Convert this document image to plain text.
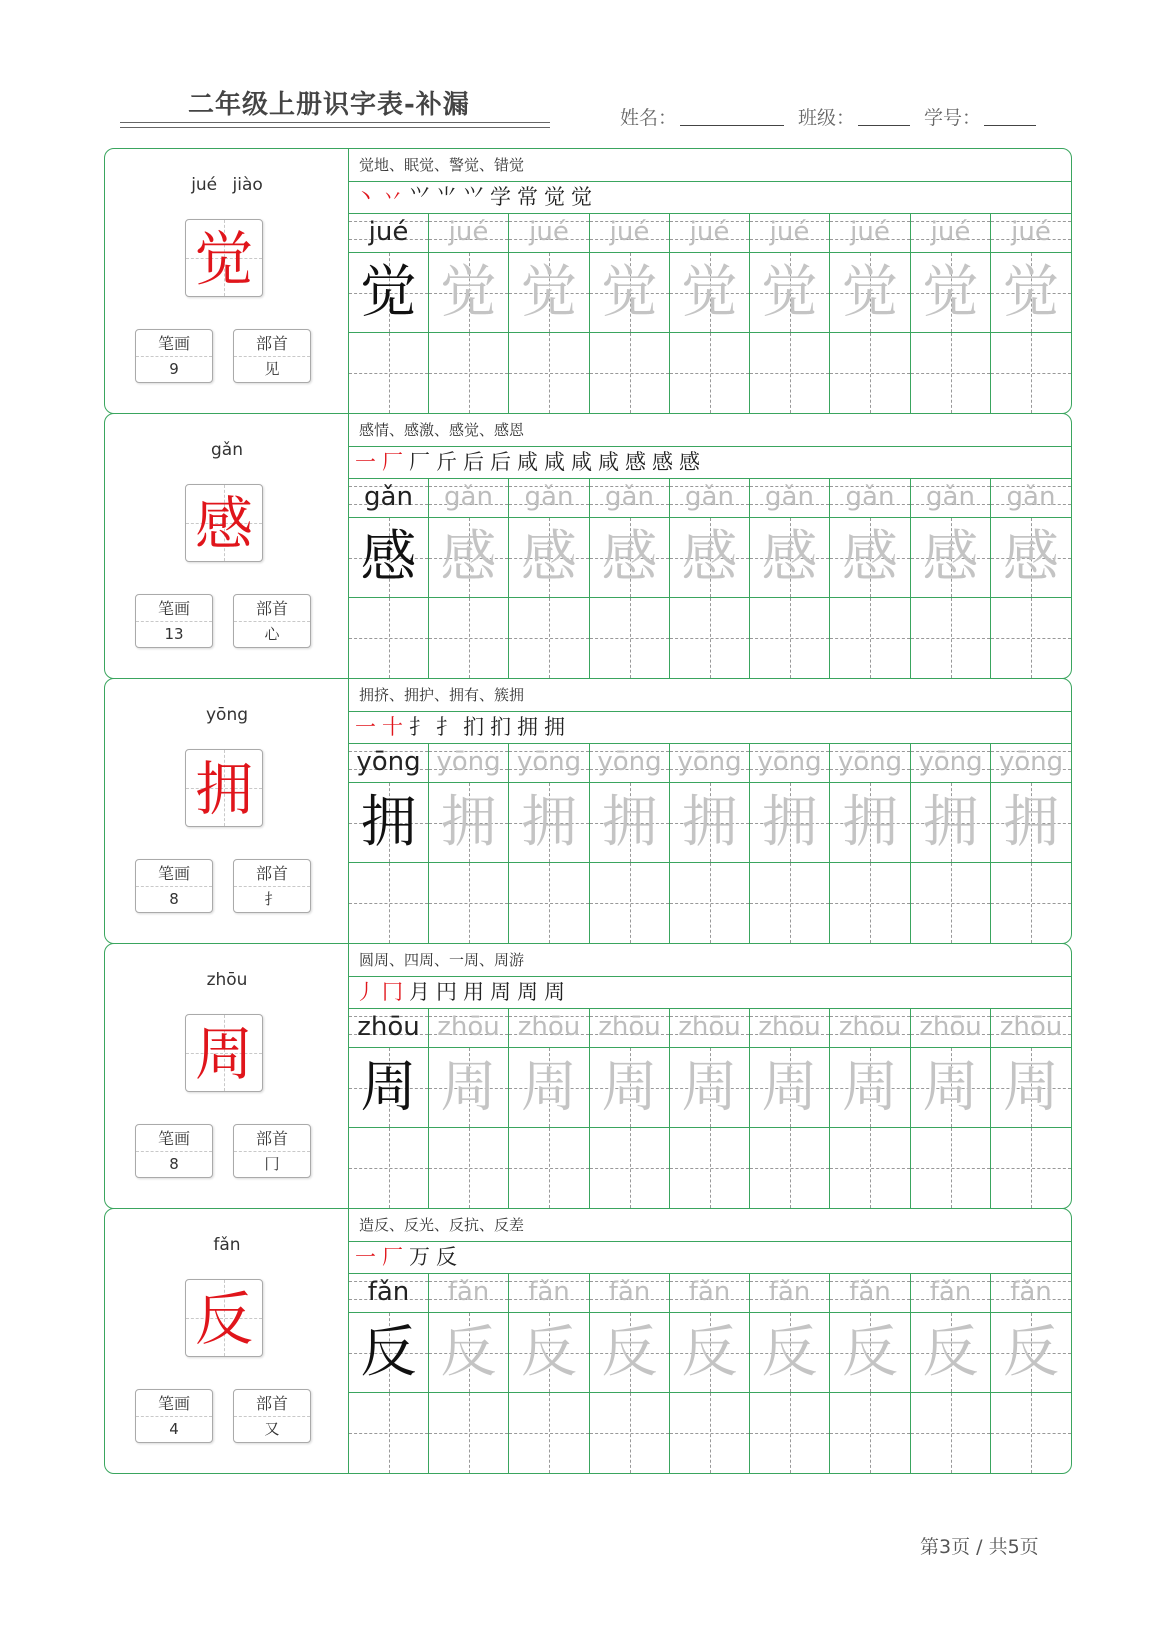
二年级上册识字表-补漏	姓名：	班级：	学号：
jué jiào
觉
笔画
9
部首
见
觉地、眠觉、警觉、错觉
丶 丷 ⺍ ⺌ 𭕄 学 常 觉 觉
jué
觉
jué
觉
jué
觉
jué
觉
jué
觉
jué
觉
jué
觉
jué
觉
jué
觉
gǎn
感
笔画
13
部首
心
感情、感激、感觉、感恩
一 厂 厂 斤 后 后 咸 咸 咸 咸 感 感 感
gǎn
感
gǎn
感
gǎn
感
gǎn
感
gǎn
感
gǎn
感
gǎn
感
gǎn
感
gǎn
感
yōng
拥
笔画
8
部首
扌
拥挤、拥护、拥有、簇拥
一 十 扌 扌 扪 扪 拥 拥
yōng
拥
yōng
拥
yōng
拥
yōng
拥
yōng
拥
yōng
拥
yōng
拥
yōng
拥
yōng
拥
zhōu
周
笔画
8
部首
冂
圆周、四周、一周、周游
丿 冂 月 円 用 周 周 周
zhōu
周
zhōu
周
zhōu
周
zhōu
周
zhōu
周
zhōu
周
zhōu
周
zhōu
周
zhōu
周
fǎn
反
笔画
4
部首
又
造反、反光、反抗、反差
一 厂 万 反
fǎn
反
fǎn
反
fǎn
反
fǎn
反
fǎn
反
fǎn
反
fǎn
反
fǎn
反
fǎn
反
第3页 / 共5页
